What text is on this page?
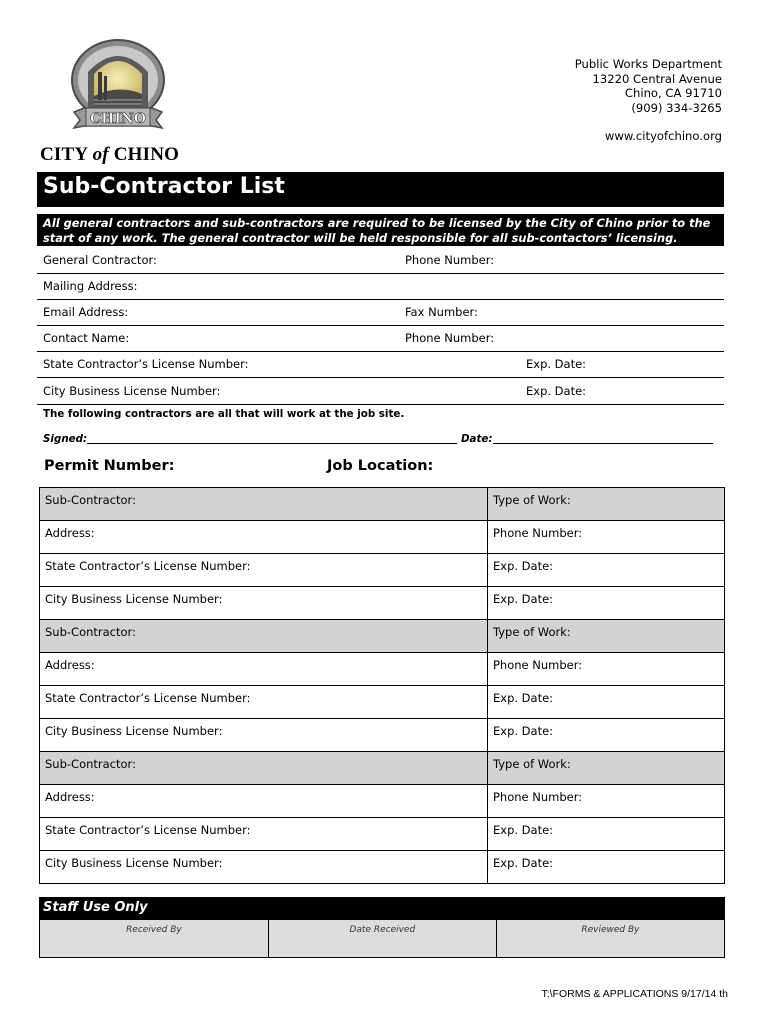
CHINO
CITY of CHINO
Public Works Department
13220 Central Avenue
Chino, CA 91710
(909) 334-3265
www.cityofchino.org
Sub-Contractor List
All general contractors and sub-contractors are required to be licensed by the City of Chino prior to the
start of any work. The general contractor will be held responsible for all sub-contactors’ licensing.
General Contractor:	Phone Number:
Mailing Address:
Email Address:	Fax Number:
Contact Name:	Phone Number:
State Contractor’s License Number:	Exp. Date:
City Business License Number:	Exp. Date:
The following contractors are all that will work at the job site.
Signed:	Date:
Permit Number:	Job Location:
Sub-Contractor:	Type of Work:
Address:	Phone Number:
State Contractor’s License Number:	Exp. Date:
City Business License Number:	Exp. Date:
Sub-Contractor:	Type of Work:
Address:	Phone Number:
State Contractor’s License Number:	Exp. Date:
City Business License Number:	Exp. Date:
Sub-Contractor:	Type of Work:
Address:	Phone Number:
State Contractor’s License Number:	Exp. Date:
City Business License Number:	Exp. Date:
Staff Use Only
Received By	Date Received	Reviewed By
T:\FORMS & APPLICATIONS 9/17/14 th
